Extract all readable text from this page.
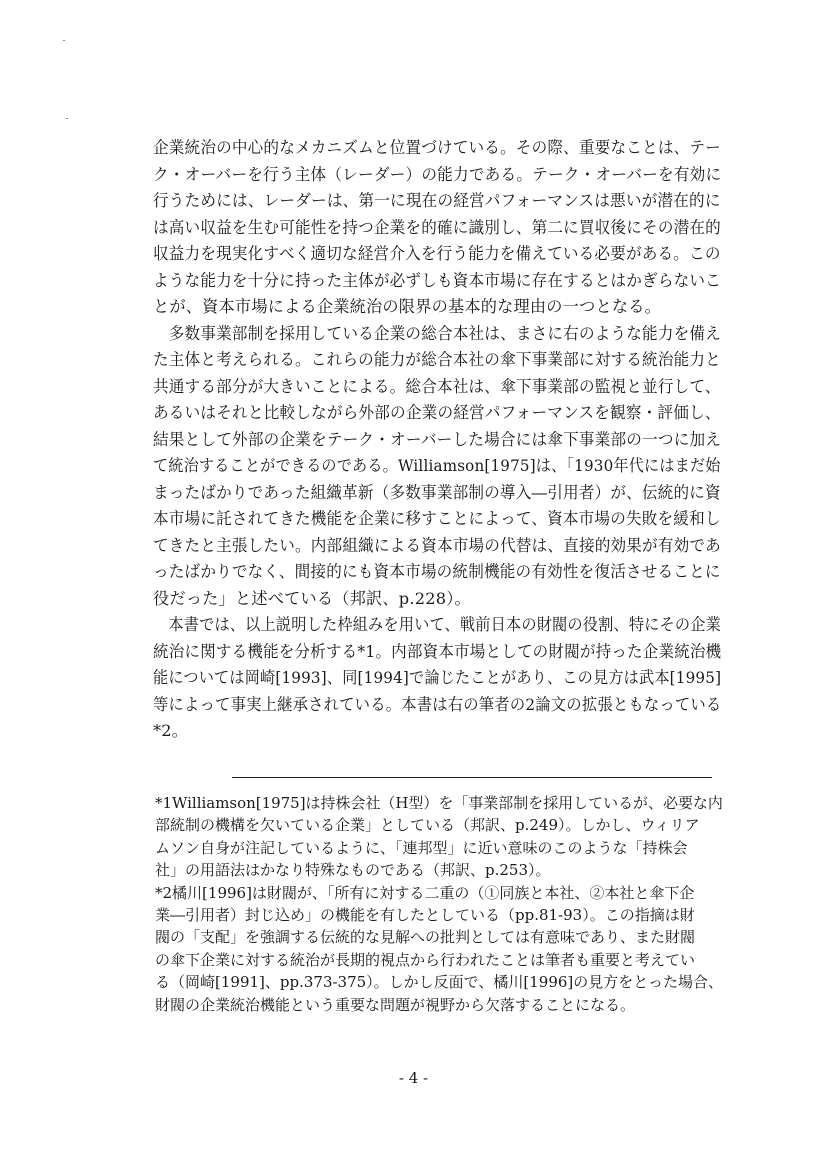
企業統治の中心的なメカニズムと位置づけている。その際、重要なことは、テー
ク・オーバーを行う主体（レーダー）の能力である。テーク・オーバーを有効に
行うためには、レーダーは、第一に現在の経営パフォーマンスは悪いが潜在的に
は高い収益を生む可能性を持つ企業を的確に識別し、第二に買収後にその潜在的
収益力を現実化すべく適切な経営介入を行う能力を備えている必要がある。この
ような能力を十分に持った主体が必ずしも資本市場に存在するとはかぎらないこ
とが、資本市場による企業統治の限界の基本的な理由の一つとなる。
　多数事業部制を採用している企業の総合本社は、まさに右のような能力を備え
た主体と考えられる。これらの能力が総合本社の傘下事業部に対する統治能力と
共通する部分が大きいことによる。総合本社は、傘下事業部の監視と並行して、
あるいはそれと比較しながら外部の企業の経営パフォーマンスを観察・評価し、
結果として外部の企業をテーク・オーバーした場合には傘下事業部の一つに加え
て統治することができるのである。Williamson[1975]は、「1930年代にはまだ始
まったばかりであった組織革新（多数事業部制の導入―引用者）が、伝統的に資
本市場に託されてきた機能を企業に移すことによって、資本市場の失敗を緩和し
てきたと主張したい。内部組織による資本市場の代替は、直接的効果が有効であ
ったばかりでなく、間接的にも資本市場の統制機能の有効性を復活させることに
役だった」と述べている（邦訳、p.228）。
　本書では、以上説明した枠組みを用いて、戦前日本の財閥の役割、特にその企業
統治に関する機能を分析する*1。内部資本市場としての財閥が持った企業統治機
能については岡崎[1993]、同[1994]で論じたことがあり、この見方は武本[1995]
等によって事実上継承されている。本書は右の筆者の2論文の拡張ともなっている
*2。
*1Williamson[1975]は持株会社（H型）を「事業部制を採用しているが、必要な内
部統制の機構を欠いている企業」としている（邦訳、p.249）。しかし、ウィリア
ムソン自身が注記しているように、「連邦型」に近い意味のこのような「持株会
社」の用語法はかなり特殊なものである（邦訳、p.253）。
*2橘川[1996]は財閥が、「所有に対する二重の（①同族と本社、②本社と傘下企
業―引用者）封じ込め」の機能を有したとしている（pp.81-93）。この指摘は財
閥の「支配」を強調する伝統的な見解への批判としては有意味であり、また財閥
の傘下企業に対する統治が長期的視点から行われたことは筆者も重要と考えてい
る（岡崎[1991]、pp.373-375）。しかし反面で、橘川[1996]の見方をとった場合、
財閥の企業統治機能という重要な問題が視野から欠落することになる。
- 4 -
